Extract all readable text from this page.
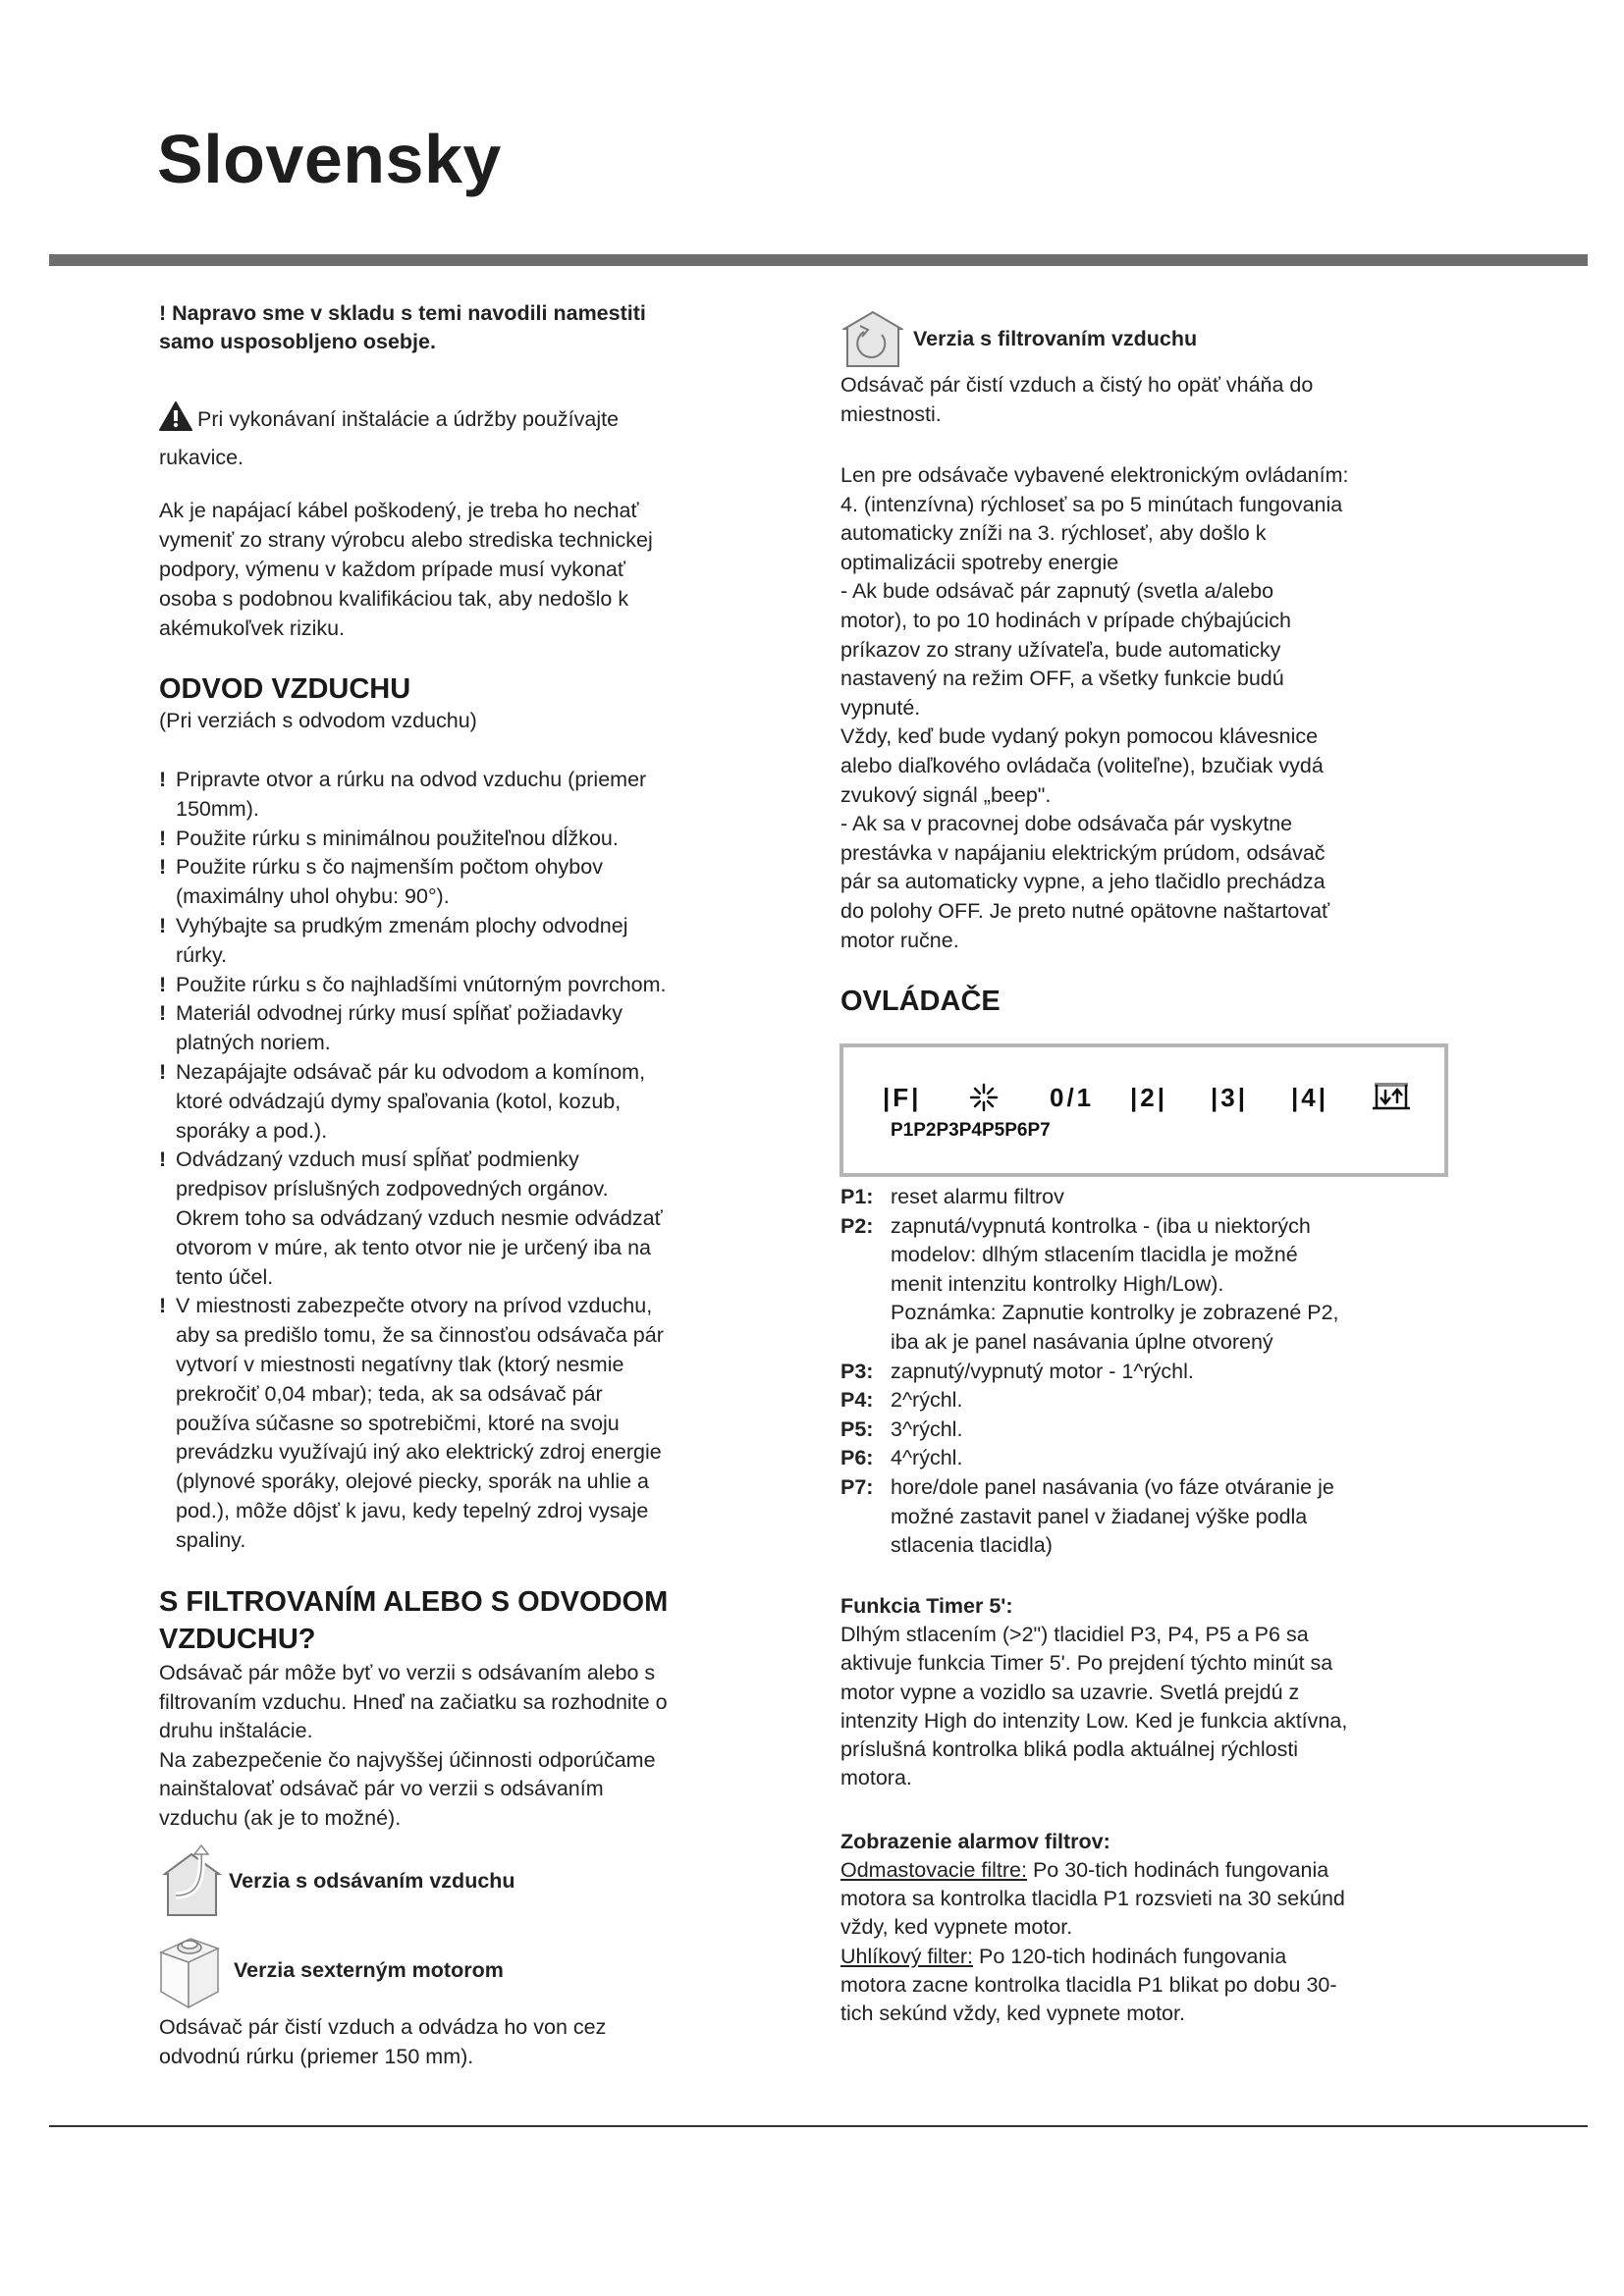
Slovensky
! Napravo sme v skladu s temi navodili namestiti
samo usposobljeno osebje.
Pri vykonávaní inštalácie a údržby používajte
rukavice.
Ak je napájací kábel poškodený, je treba ho nechať
vymeniť zo strany výrobcu alebo strediska technickej
podpory, výmenu v každom prípade musí vykonať
osoba s podobnou kvalifikáciou tak, aby nedošlo k
akémukoľvek riziku.
ODVOD VZDUCHU
(Pri verziách s odvodom vzduchu)
! Pripravte otvor a rúrku na odvod vzduchu (priemer
150mm).
! Použite rúrku s minimálnou použiteľnou dĺžkou.
! Použite rúrku s čo najmenším počtom ohybov
(maximálny uhol ohybu: 90°).
! Vyhýbajte sa prudkým zmenám plochy odvodnej
rúrky.
! Použite rúrku s čo najhladšími vnútorným povrchom.
! Materiál odvodnej rúrky musí spĺňať požiadavky
platných noriem.
! Nezapájajte odsávač pár ku odvodom a komínom,
ktoré odvádzajú dymy spaľovania (kotol, kozub,
sporáky a pod.).
! Odvádzaný vzduch musí spĺňať podmienky
predpisov príslušných zodpovedných orgánov.
Okrem toho sa odvádzaný vzduch nesmie odvádzať
otvorom v múre, ak tento otvor nie je určený iba na
tento účel.
! V miestnosti zabezpečte otvory na prívod vzduchu,
aby sa predišlo tomu, že sa činnosťou odsávača pár
vytvorí v miestnosti negatívny tlak (ktorý nesmie
prekročiť 0,04 mbar); teda, ak sa odsávač pár
používa súčasne so spotrebičmi, ktoré na svoju
prevádzku využívajú iný ako elektrický zdroj energie
(plynové sporáky, olejové piecky, sporák na uhlie a
pod.), môže dôjsť k javu, kedy tepelný zdroj vysaje
spaliny.
S FILTROVANÍM ALEBO S ODVODOM
VZDUCHU?
Odsávač pár môže byť vo verzii s odsávaním alebo s
filtrovaním vzduchu. Hneď na začiatku sa rozhodnite o
druhu inštalácie.
Na zabezpečenie čo najvyššej účinnosti odporúčame
nainštalovať odsávač pár vo verzii s odsávaním
vzduchu (ak je to možné).
Verzia s odsávaním vzduchu
Verzia sexterným motorom
Odsávač pár čistí vzduch a odvádza ho von cez
odvodnú rúrku (priemer 150 mm).
Verzia s filtrovaním vzduchu
Odsávač pár čistí vzduch a čistý ho opäť vháňa do
miestnosti.
Len pre odsávače vybavené elektronickým ovládaním:
4. (intenzívna) rýchloseť sa po 5 minútach fungovania
automaticky zníži na 3. rýchloseť, aby došlo k
optimalizácii spotreby energie
- Ak bude odsávač pár zapnutý (svetla a/alebo
motor), to po 10 hodinách v prípade chýbajúcich
príkazov zo strany užívateľa, bude automaticky
nastavený na režim OFF, a všetky funkcie budú
vypnuté.
Vždy, keď bude vydaný pokyn pomocou klávesnice
alebo diaľkového ovládača (voliteľne), bzučiak vydá
zvukový signál „beep".
- Ak sa v pracovnej dobe odsávača pár vyskytne
prestávka v napájaniu elektrickým prúdom, odsávač
pár sa automaticky vypne, a jeho tlačidlo prechádza
do polohy OFF. Je preto nutné opätovne naštartovať
motor ručne.
OVLÁDAČE
|F|	0/1 |2| |3| |4|
P1P2P3P4P5P6P7
P1: reset alarmu filtrov
P2: zapnutá/vypnutá kontrolka - (iba u niektorých
modelov: dlhým stlacením tlacidla je možné
menit intenzitu kontrolky High/Low).
Poznámka: Zapnutie kontrolky je zobrazené P2,
iba ak je panel nasávania úplne otvorený
P3: zapnutý/vypnutý motor - 1^rýchl.
P4: 2^rýchl.
P5: 3^rýchl.
P6: 4^rýchl.
P7: hore/dole panel nasávania (vo fáze otváranie je
možné zastavit panel v žiadanej výške podla
stlacenia tlacidla)
Funkcia Timer 5':
Dlhým stlacením (>2") tlacidiel P3, P4, P5 a P6 sa
aktivuje funkcia Timer 5'. Po prejdení týchto minút sa
motor vypne a vozidlo sa uzavrie. Svetlá prejdú z
intenzity High do intenzity Low. Ked je funkcia aktívna,
príslušná kontrolka bliká podla aktuálnej rýchlosti
motora.
Zobrazenie alarmov filtrov:
Odmastovacie filtre: Po 30-tich hodinách fungovania
motora sa kontrolka tlacidla P1 rozsvieti na 30 sekúnd
vždy, ked vypnete motor.
Uhlíkový filter: Po 120-tich hodinách fungovania
motora zacne kontrolka tlacidla P1 blikat po dobu 30-
tich sekúnd vždy, ked vypnete motor.
